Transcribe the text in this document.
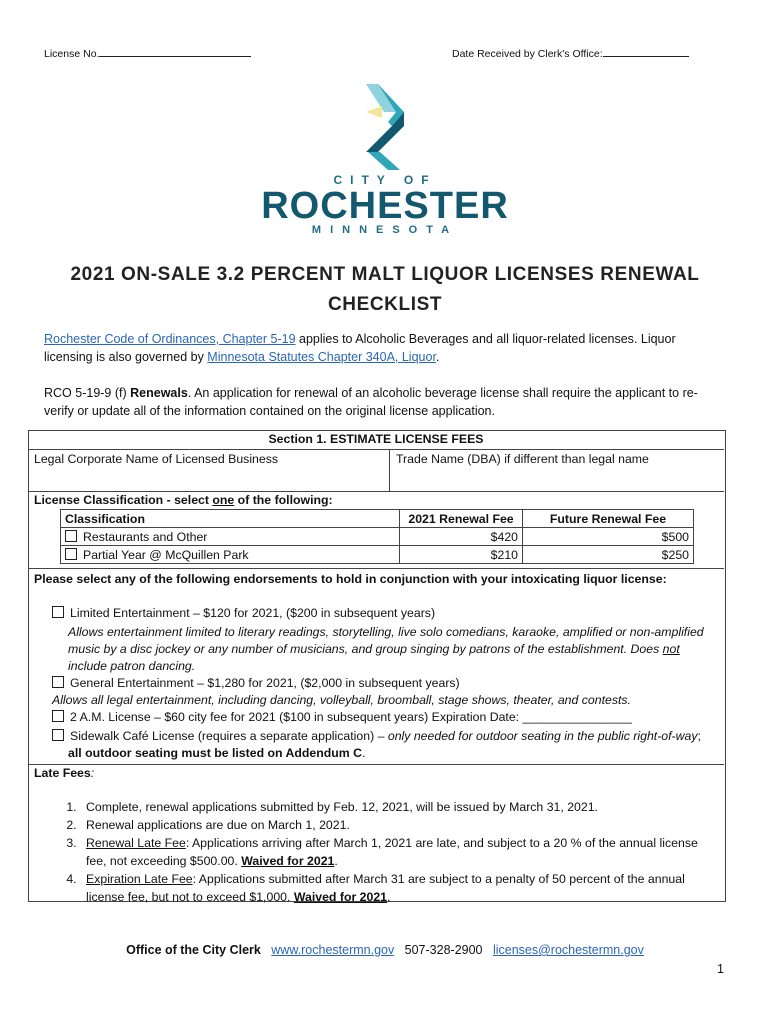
License No.	Date Received by Clerk's Office:
CITY OF
ROCHESTER
MINNESOTA
2021 ON-SALE 3.2 PERCENT MALT LIQUOR LICENSES RENEWAL
CHECKLIST
Rochester Code of Ordinances, Chapter 5-19 applies to Alcoholic Beverages and all liquor-related licenses. Liquor licensing is also governed by Minnesota Statutes Chapter 340A, Liquor.
RCO 5-19-9 (f) Renewals. An application for renewal of an alcoholic beverage license shall require the applicant to re-verify or update all of the information contained on the original license application.
Section 1. ESTIMATE LICENSE FEES
Legal Corporate Name of Licensed Business	Trade Name (DBA) if different than legal name
License Classification - select one of the following:
Classification	2021 Renewal Fee	Future Renewal Fee
Restaurants and Other	$420	$500
Partial Year @ McQuillen Park	$210	$250
Please select any of the following endorsements to hold in conjunction with your intoxicating liquor license:
Limited Entertainment – $120 for 2021, ($200 in subsequent years)
Allows entertainment limited to literary readings, storytelling, live solo comedians, karaoke, amplified or non-amplified music by a disc jockey or any number of musicians, and group singing by patrons of the establishment. Does not include patron dancing.
General Entertainment – $1,280 for 2021, ($2,000 in subsequent years)
Allows all legal entertainment, including dancing, volleyball, broomball, stage shows, theater, and contests.
2 A.M. License – $60 city fee for 2021 ($100 in subsequent years) Expiration Date: ________________
Sidewalk Café License (requires a separate application) – only needed for outdoor seating in the public right-of-way;
all outdoor seating must be listed on Addendum C.
Late Fees:
1. Complete, renewal applications submitted by Feb. 12, 2021, will be issued by March 31, 2021.
2. Renewal applications are due on March 1, 2021.
3. Renewal Late Fee: Applications arriving after March 1, 2021 are late, and subject to a 20 % of the annual license fee, not exceeding $500.00. Waived for 2021.
4. Expiration Late Fee: Applications submitted after March 31 are subject to a penalty of 50 percent of the annual license fee, but not to exceed $1,000. Waived for 2021.
Office of the City Clerk www.rochestermn.gov 507-328-2900 licenses@rochestermn.gov
1
